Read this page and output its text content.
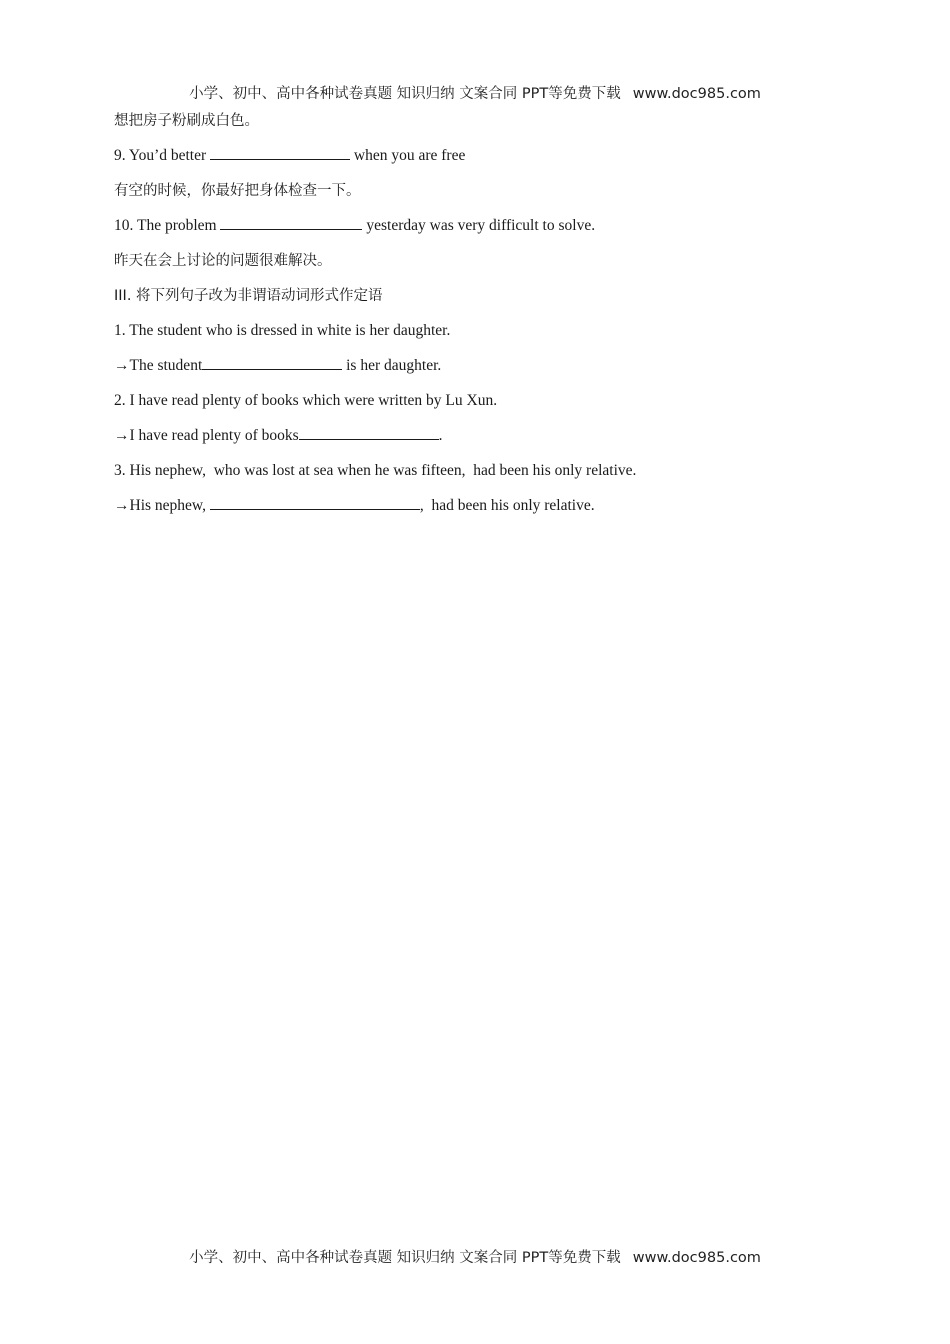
小学、初中、高中各种试卷真题 知识归纳 文案合同 PPT等免费下载 www.doc985.com
想把房子粉刷成白色。
9. You’d better	when you are free
有空的时候，你最好把身体检查一下。
10. The problem	yesterday was very difficult to solve.
昨天在会上讨论的问题很难解决。
III. 将下列句子改为非谓语动词形式作定语
1. The student who is dressed in white is her daughter.
→The student	is her daughter.
2. I have read plenty of books which were written by Lu Xun.
→I have read plenty of books	.
3. His nephew,  who was lost at sea when he was fifteen,  had been his only relative.
→His nephew,	,  had been his only relative.
小学、初中、高中各种试卷真题 知识归纳 文案合同 PPT等免费下载 www.doc985.com
